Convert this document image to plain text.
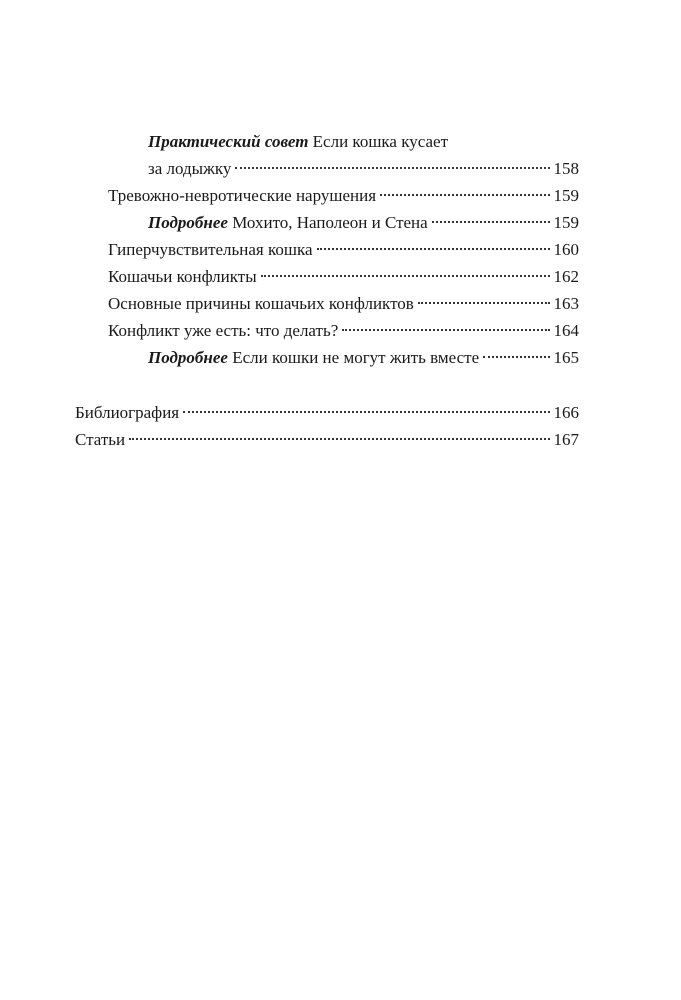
Практический совет Если кошка кусает
за лодыжку	158
Тревожно-невротические нарушения	159
Подробнее Мохито, Наполеон и Стена	159
Гиперчувствительная кошка	160
Кошачьи конфликты	162
Основные причины кошачьих конфликтов	163
Конфликт уже есть: что делать?	164
Подробнее Если кошки не могут жить вместе	165
Библиография	166
Статьи	167
